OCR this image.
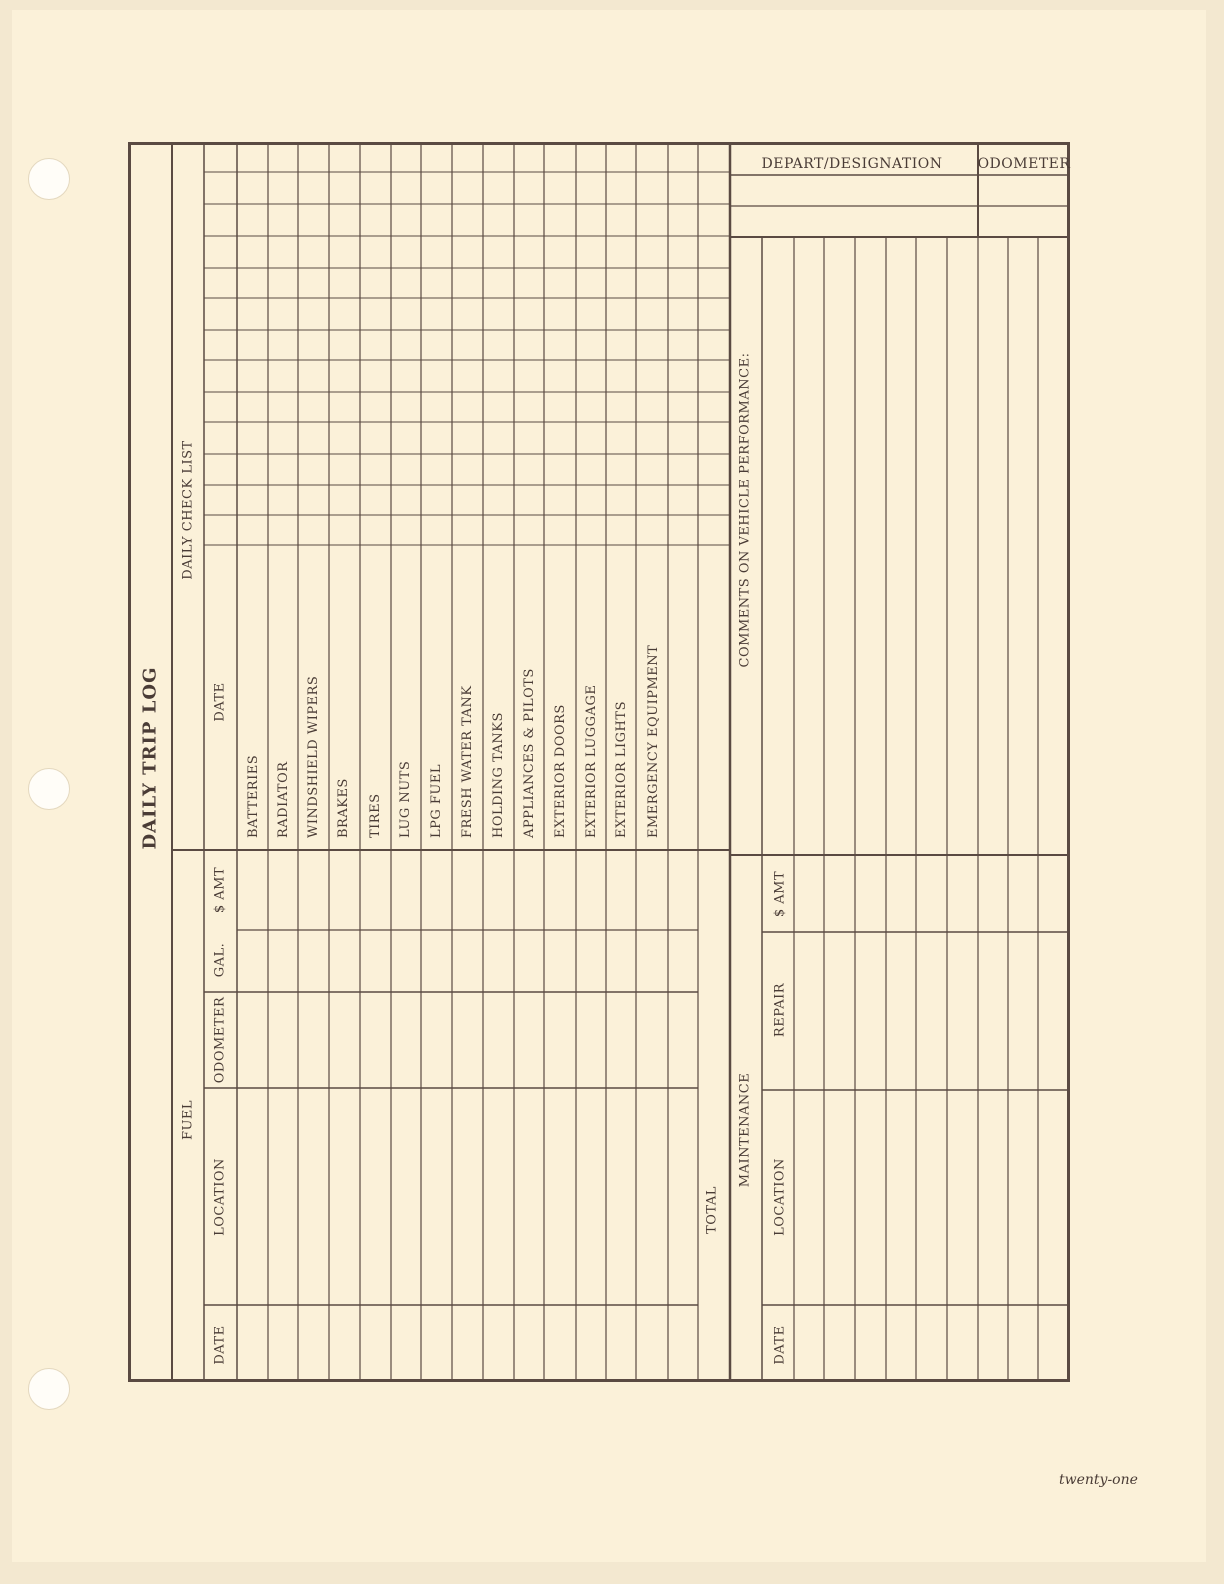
DAILY TRIP LOG
FUEL
DATE
LOCATION
ODOMETER
GAL.
$ AMT
TOTAL
DAILY CHECK LIST
DATE
BATTERIES RADIATOR WINDSHIELD WIPERS BRAKES TIRES LUG NUTS LPG FUEL FRESH WATER TANK HOLDING TANKS APPLIANCES & PILOTS EXTERIOR DOORS EXTERIOR LUGGAGE EXTERIOR LIGHTS EMERGENCY EQUIPMENT
COMMENTS ON VEHICLE PERFORMANCE:
MAINTENANCE
DATE
LOCATION
REPAIR
$ AMT
DEPART/DESIGNATION	ODOMETER
twenty-one
